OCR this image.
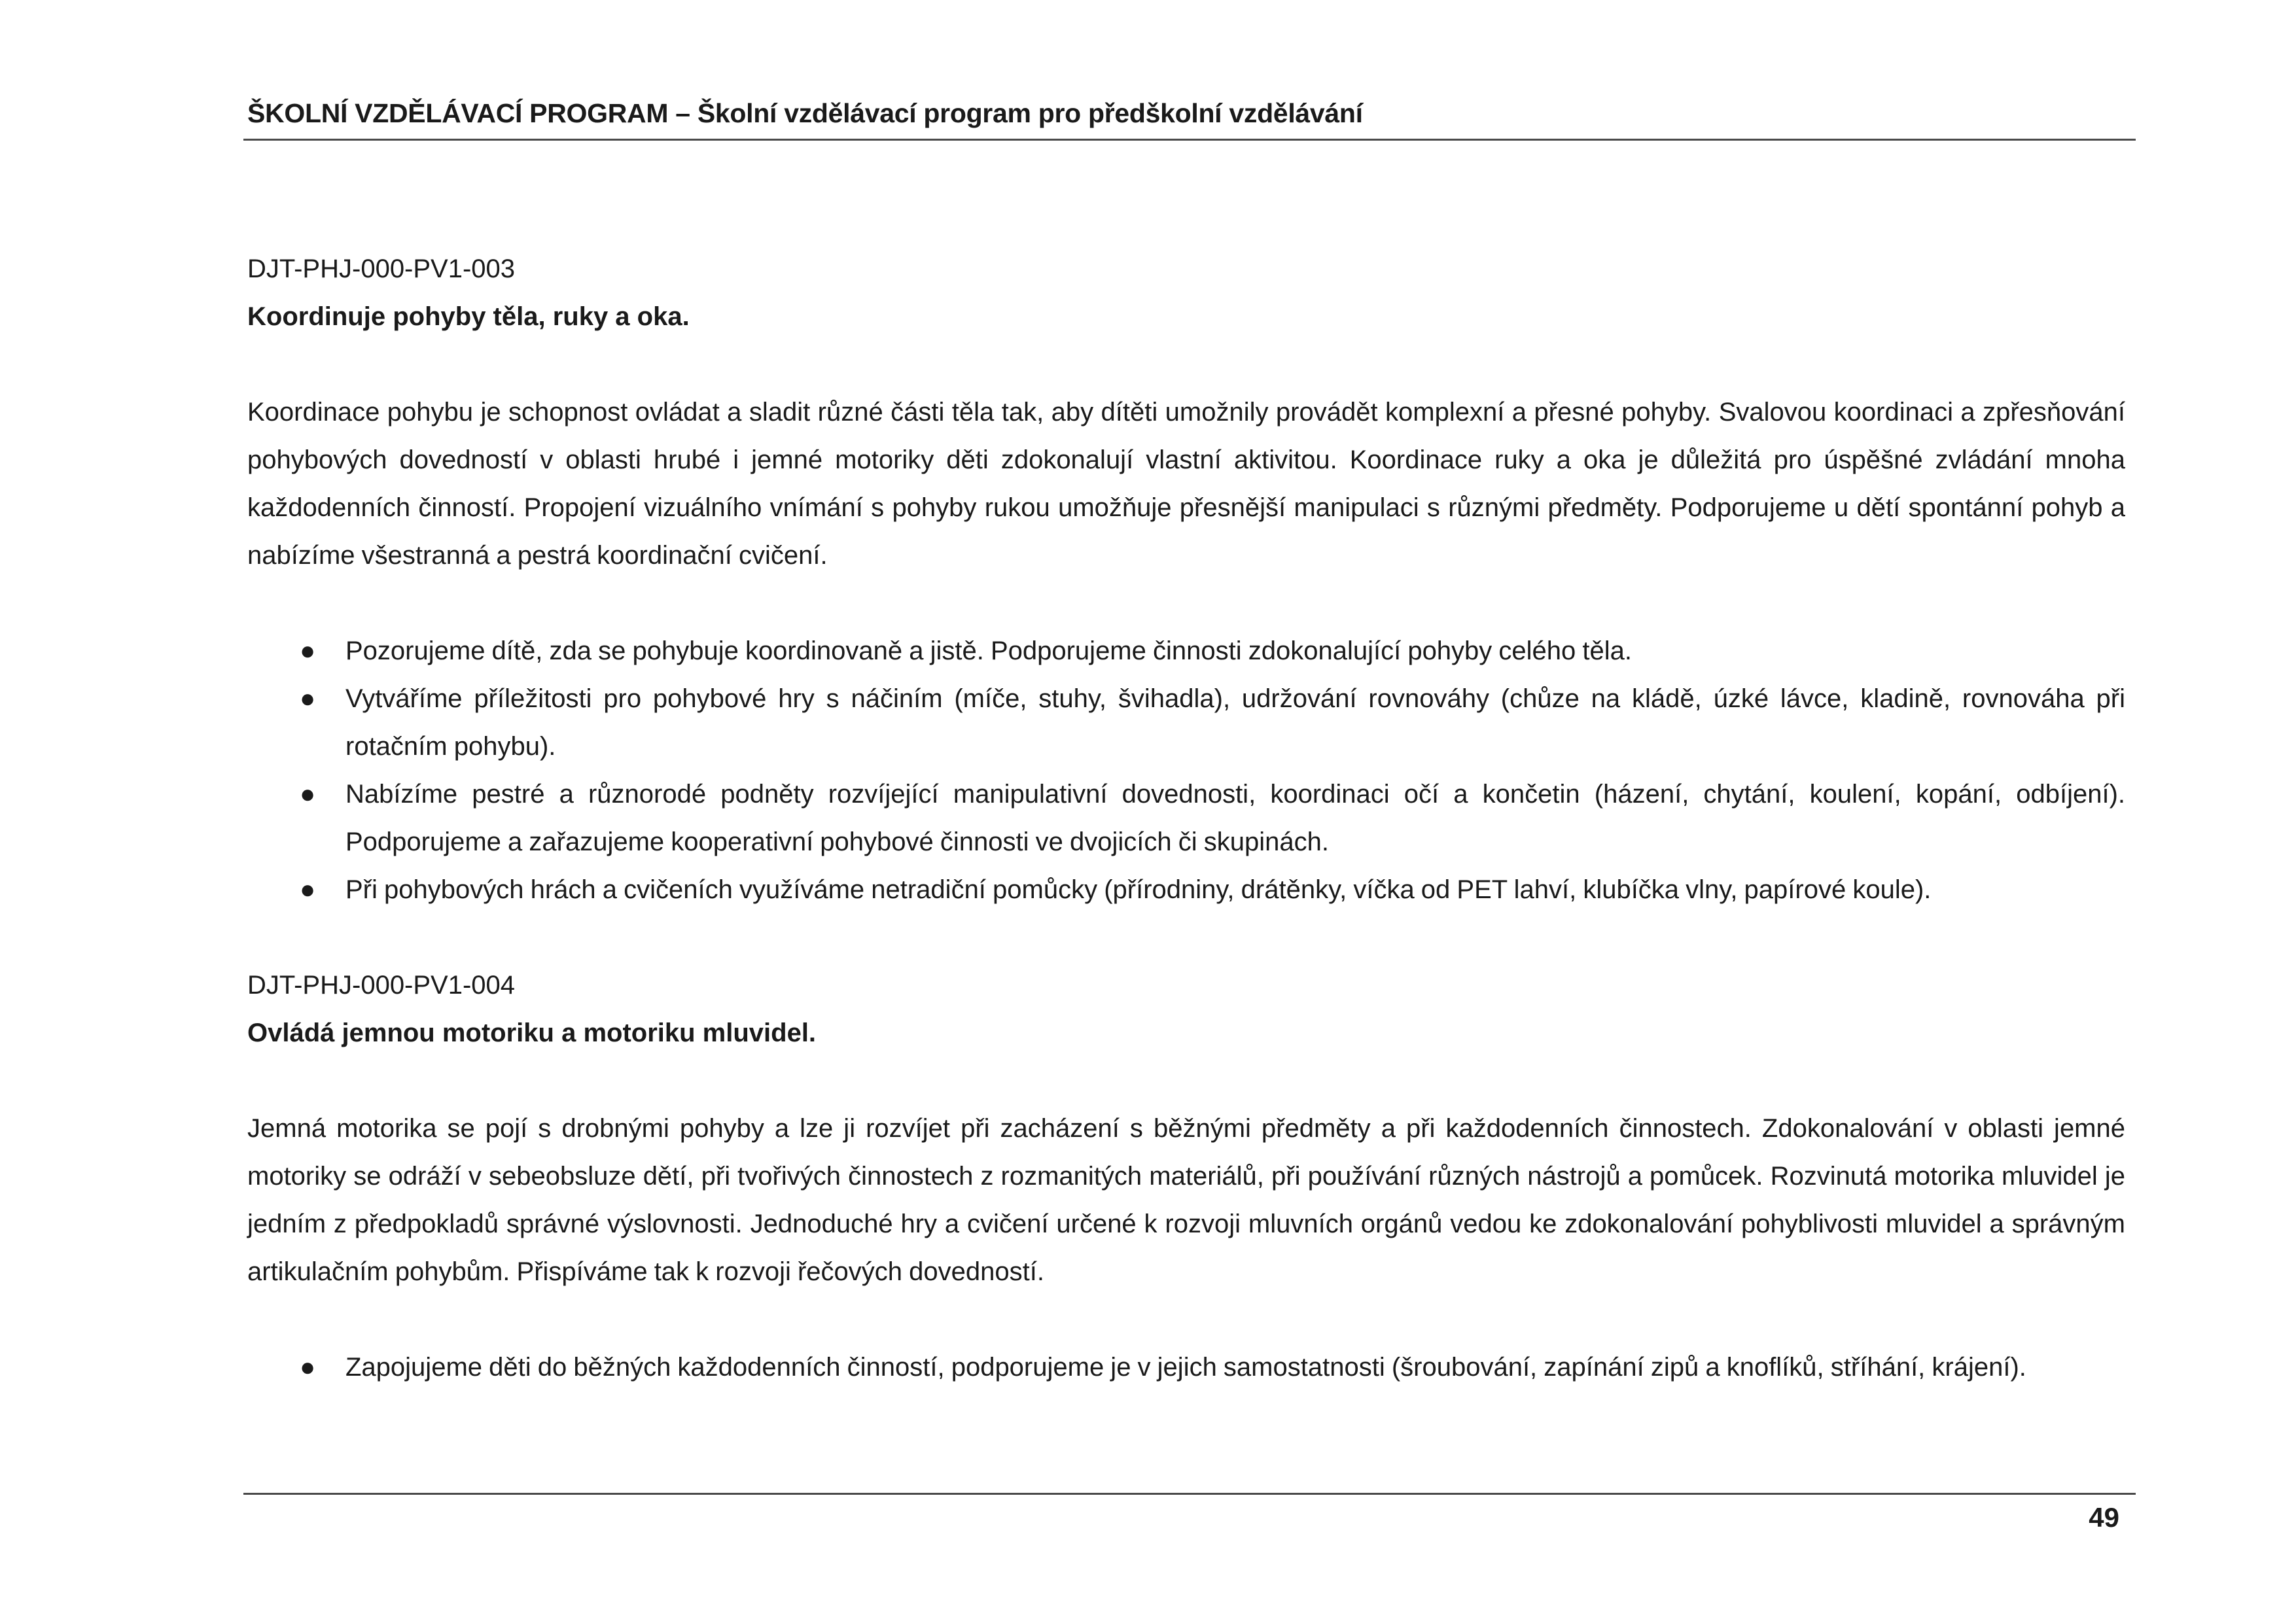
ŠKOLNÍ VZDĚLÁVACÍ PROGRAM – Školní vzdělávací program pro předškolní vzdělávání

DJT-PHJ-000-PV1-003

Koordinuje pohyby těla, ruky a oka.

Koordinace pohybu je schopnost ovládat a sladit různé části těla tak, aby dítěti umožnily provádět komplexní a přesné pohyby. Svalovou koordinaci a zpřesňování pohybových dovedností v oblasti hrubé i jemné motoriky děti zdokonalují vlastní aktivitou. Koordinace ruky a oka je důležitá pro úspěšné zvládání mnoha každodenních činností. Propojení vizuálního vnímání s pohyby rukou umožňuje přesnější manipulaci s různými předměty. Podporujeme u dětí spontánní pohyb a nabízíme všestranná a pestrá koordinační cvičení.

● Pozorujeme dítě, zda se pohybuje koordinovaně a jistě. Podporujeme činnosti zdokonalující pohyby celého těla.
● Vytváříme příležitosti pro pohybové hry s náčiním (míče, stuhy, švihadla), udržování rovnováhy (chůze na kládě, úzké lávce, kladině, rovnováha při rotačním pohybu).
● Nabízíme pestré a různorodé podněty rozvíjející manipulativní dovednosti, koordinaci očí a končetin (házení, chytání, koulení, kopání, odbíjení). Podporujeme a zařazujeme kooperativní pohybové činnosti ve dvojicích či skupinách.
● Při pohybových hrách a cvičeních využíváme netradiční pomůcky (přírodniny, drátěnky, víčka od PET lahví, klubíčka vlny, papírové koule).

DJT-PHJ-000-PV1-004

Ovládá jemnou motoriku a motoriku mluvidel.

Jemná motorika se pojí s drobnými pohyby a lze ji rozvíjet při zacházení s běžnými předměty a při každodenních činnostech. Zdokonalování v oblasti jemné motoriky se odráží v sebeobsluze dětí, při tvořivých činnostech z rozmanitých materiálů, při používání různých nástrojů a pomůcek. Rozvinutá motorika mluvidel je jedním z předpokladů správné výslovnosti. Jednoduché hry a cvičení určené k rozvoji mluvních orgánů vedou ke zdokonalování pohyblivosti mluvidel a správným artikulačním pohybům. Přispíváme tak k rozvoji řečových dovedností.

● Zapojujeme děti do běžných každodenních činností, podporujeme je v jejich samostatnosti (šroubování, zapínání zipů a knoflíků, stříhání, krájení).
49
